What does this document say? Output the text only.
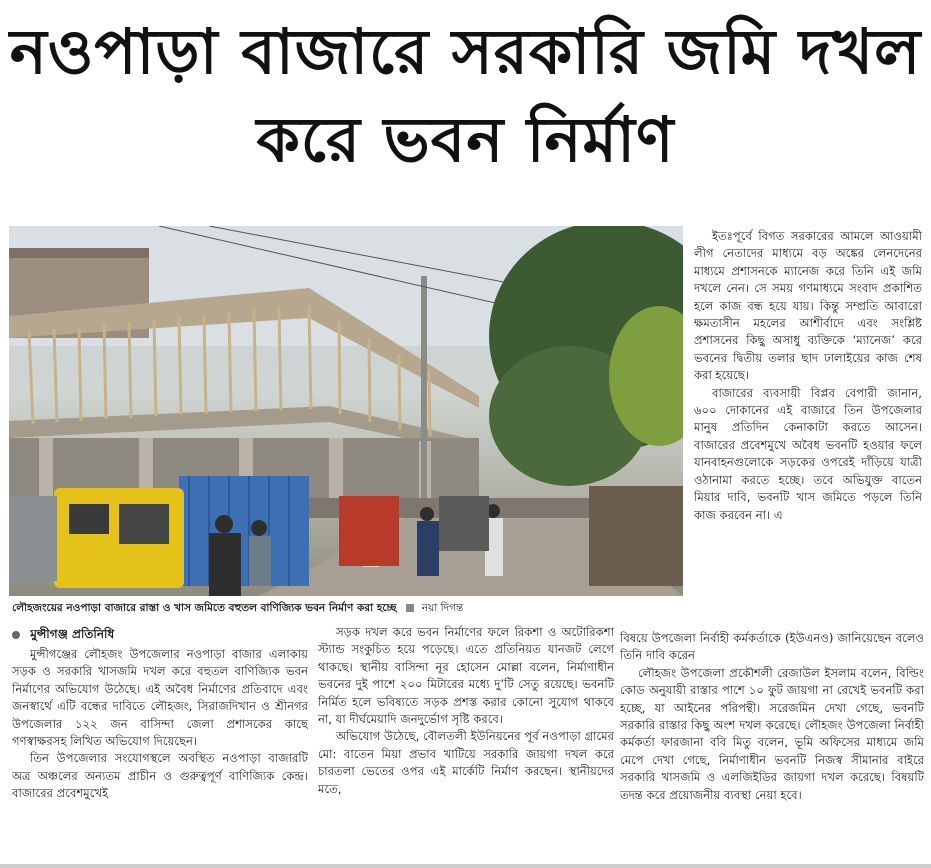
নওপাড়া বাজারে সরকারি জমি দখল করে ভবন নির্মাণ
লৌহজংয়ের নওপাড়া বাজারে রাস্তা ও খাস জমিতে বহুতল বাণিজ্যিক ভবন নির্মাণ করা হচ্ছে নয়া দিগন্ত
মুন্সীগঞ্জ প্রতিনিধি

ইতঃপূর্বে বিগত সরকারের আমলে আওয়ামী লীগ নেতাদের মাধ্যমে বড় অঙ্কের লেনদেনের মাধ্যমে প্রশাসনকে ম্যানেজ করে তিনি এই জমি দখলে নেন। সে সময় গণমাধ্যমে সংবাদ প্রকাশিত হলে কাজ বন্ধ হয়ে যায়। কিন্তু সম্প্রতি আবারো ক্ষমতাসীন মহলের আশীর্বাদে এবং সংশ্লিষ্ট প্রশাসনের কিছু অসাধু ব্যক্তিকে ‘ম্যানেজ’ করে ভবনের দ্বিতীয় তলার ছাদ ঢালাইয়ের কাজ শেষ করা হয়েছে।

বাজারের ব্যবসায়ী বিপ্লব বেপারী জানান, ৬০০ দোকানের এই বাজারে তিন উপজেলার মানুষ প্রতিদিন কেনাকাটা করতে আসেন। বাজারের প্রবেশমুখে অবৈধ ভবনটি হওয়ার ফলে যানবাহনগুলোকে সড়কের ওপরেই দাঁড়িয়ে যাত্রী ওঠানামা করতে হচ্ছে। তবে অভিযুক্ত বাতেন মিয়ার দাবি, ভবনটি খাস জমিতে পড়লে তিনি কাজ করবেন না। এ

মুন্সীগঞ্জের লৌহজং উপজেলার নওপাড়া বাজার এলাকায় সড়ক ও সরকারি খাসজমি দখল করে বহুতল বাণিজ্যিক ভবন নির্মাণের অভিযোগ উঠেছে। এই অবৈধ নির্মাণের প্রতিবাদে এবং জনস্বার্থে এটি বন্ধের দাবিতে লৌহজং, সিরাজদিখান ও শ্রীনগর উপজেলার ১২২ জন বাসিন্দা জেলা প্রশাসকের কাছে গণস্বাক্ষরসহ লিখিত অভিযোগ দিয়েছেন।

তিন উপজেলার সংযোগস্থলে অবস্থিত নওপাড়া বাজারটি অত্র অঞ্চলের অন্যতম প্রাচীন ও গুরুত্বপূর্ণ বাণিজ্যিক কেন্দ্র। বাজারের প্রবেশমুখেই

সড়ক দখল করে ভবন নির্মাণের ফলে রিকশা ও অটোরিকশা স্ট্যান্ড সংকুচিত হয়ে পড়েছে। এতে প্রতিনিয়ত যানজট লেগে থাকছে। স্থানীয় বাসিন্দা নূর হোসেন মোল্লা বলেন, নির্মাণাধীন ভবনের দুই পাশে ২০০ মিটারের মধ্যে দু’টি সেতু রয়েছে। ভবনটি নির্মিত হলে ভবিষ্যতে সড়ক প্রশস্ত করার কোনো সুযোগ থাকবে না, যা দীর্ঘমেয়াদি জনদুর্ভোগ সৃষ্টি করবে।

অভিযোগ উঠেছে, বৌলতলী ইউনিয়নের পূর্ব নওপাড়া গ্রামের মো: বাতেন মিয়া প্রভাব খাটিয়ে সরকারি জায়গা দখল করে চারতলা ভেতের ওপর এই মার্কেটি নির্মাণ করছেন। স্থানীয়দের মতে,

বিষয়ে উপজেলা নির্বাহী কর্মকর্তাকে (ইউএনও) জানিয়েছেন বলেও তিনি দাবি করেন

লৌহজং উপজেলা প্রকৌশলী রেজাউল ইসলাম বলেন, বিল্ডিং কোড অনুযায়ী রাস্তার পাশে ১০ ফুট জায়গা না রেখেই ভবনটি করা হচ্ছে, যা আইনের পরিপন্থী। সরেজমিন দেখা গেছে, ভবনটি সরকারি রাস্তার কিছু অংশ দখল করেছে। লৌহজং উপজেলা নির্বাহী কর্মকর্তা ফারজানা ববি মিতু বলেন, ভূমি অফিসের মাধ্যমে জমি মেপে দেখা গেছে, নির্মাণাধীন ভবনটি নিজস্ব সীমানার বাইরে সরকারি খাসজমি ও এলজিইডির জায়গা দখল করেছে। বিষয়টি তদন্ত করে প্রয়োজনীয় ব্যবস্থা নেয়া হবে।
